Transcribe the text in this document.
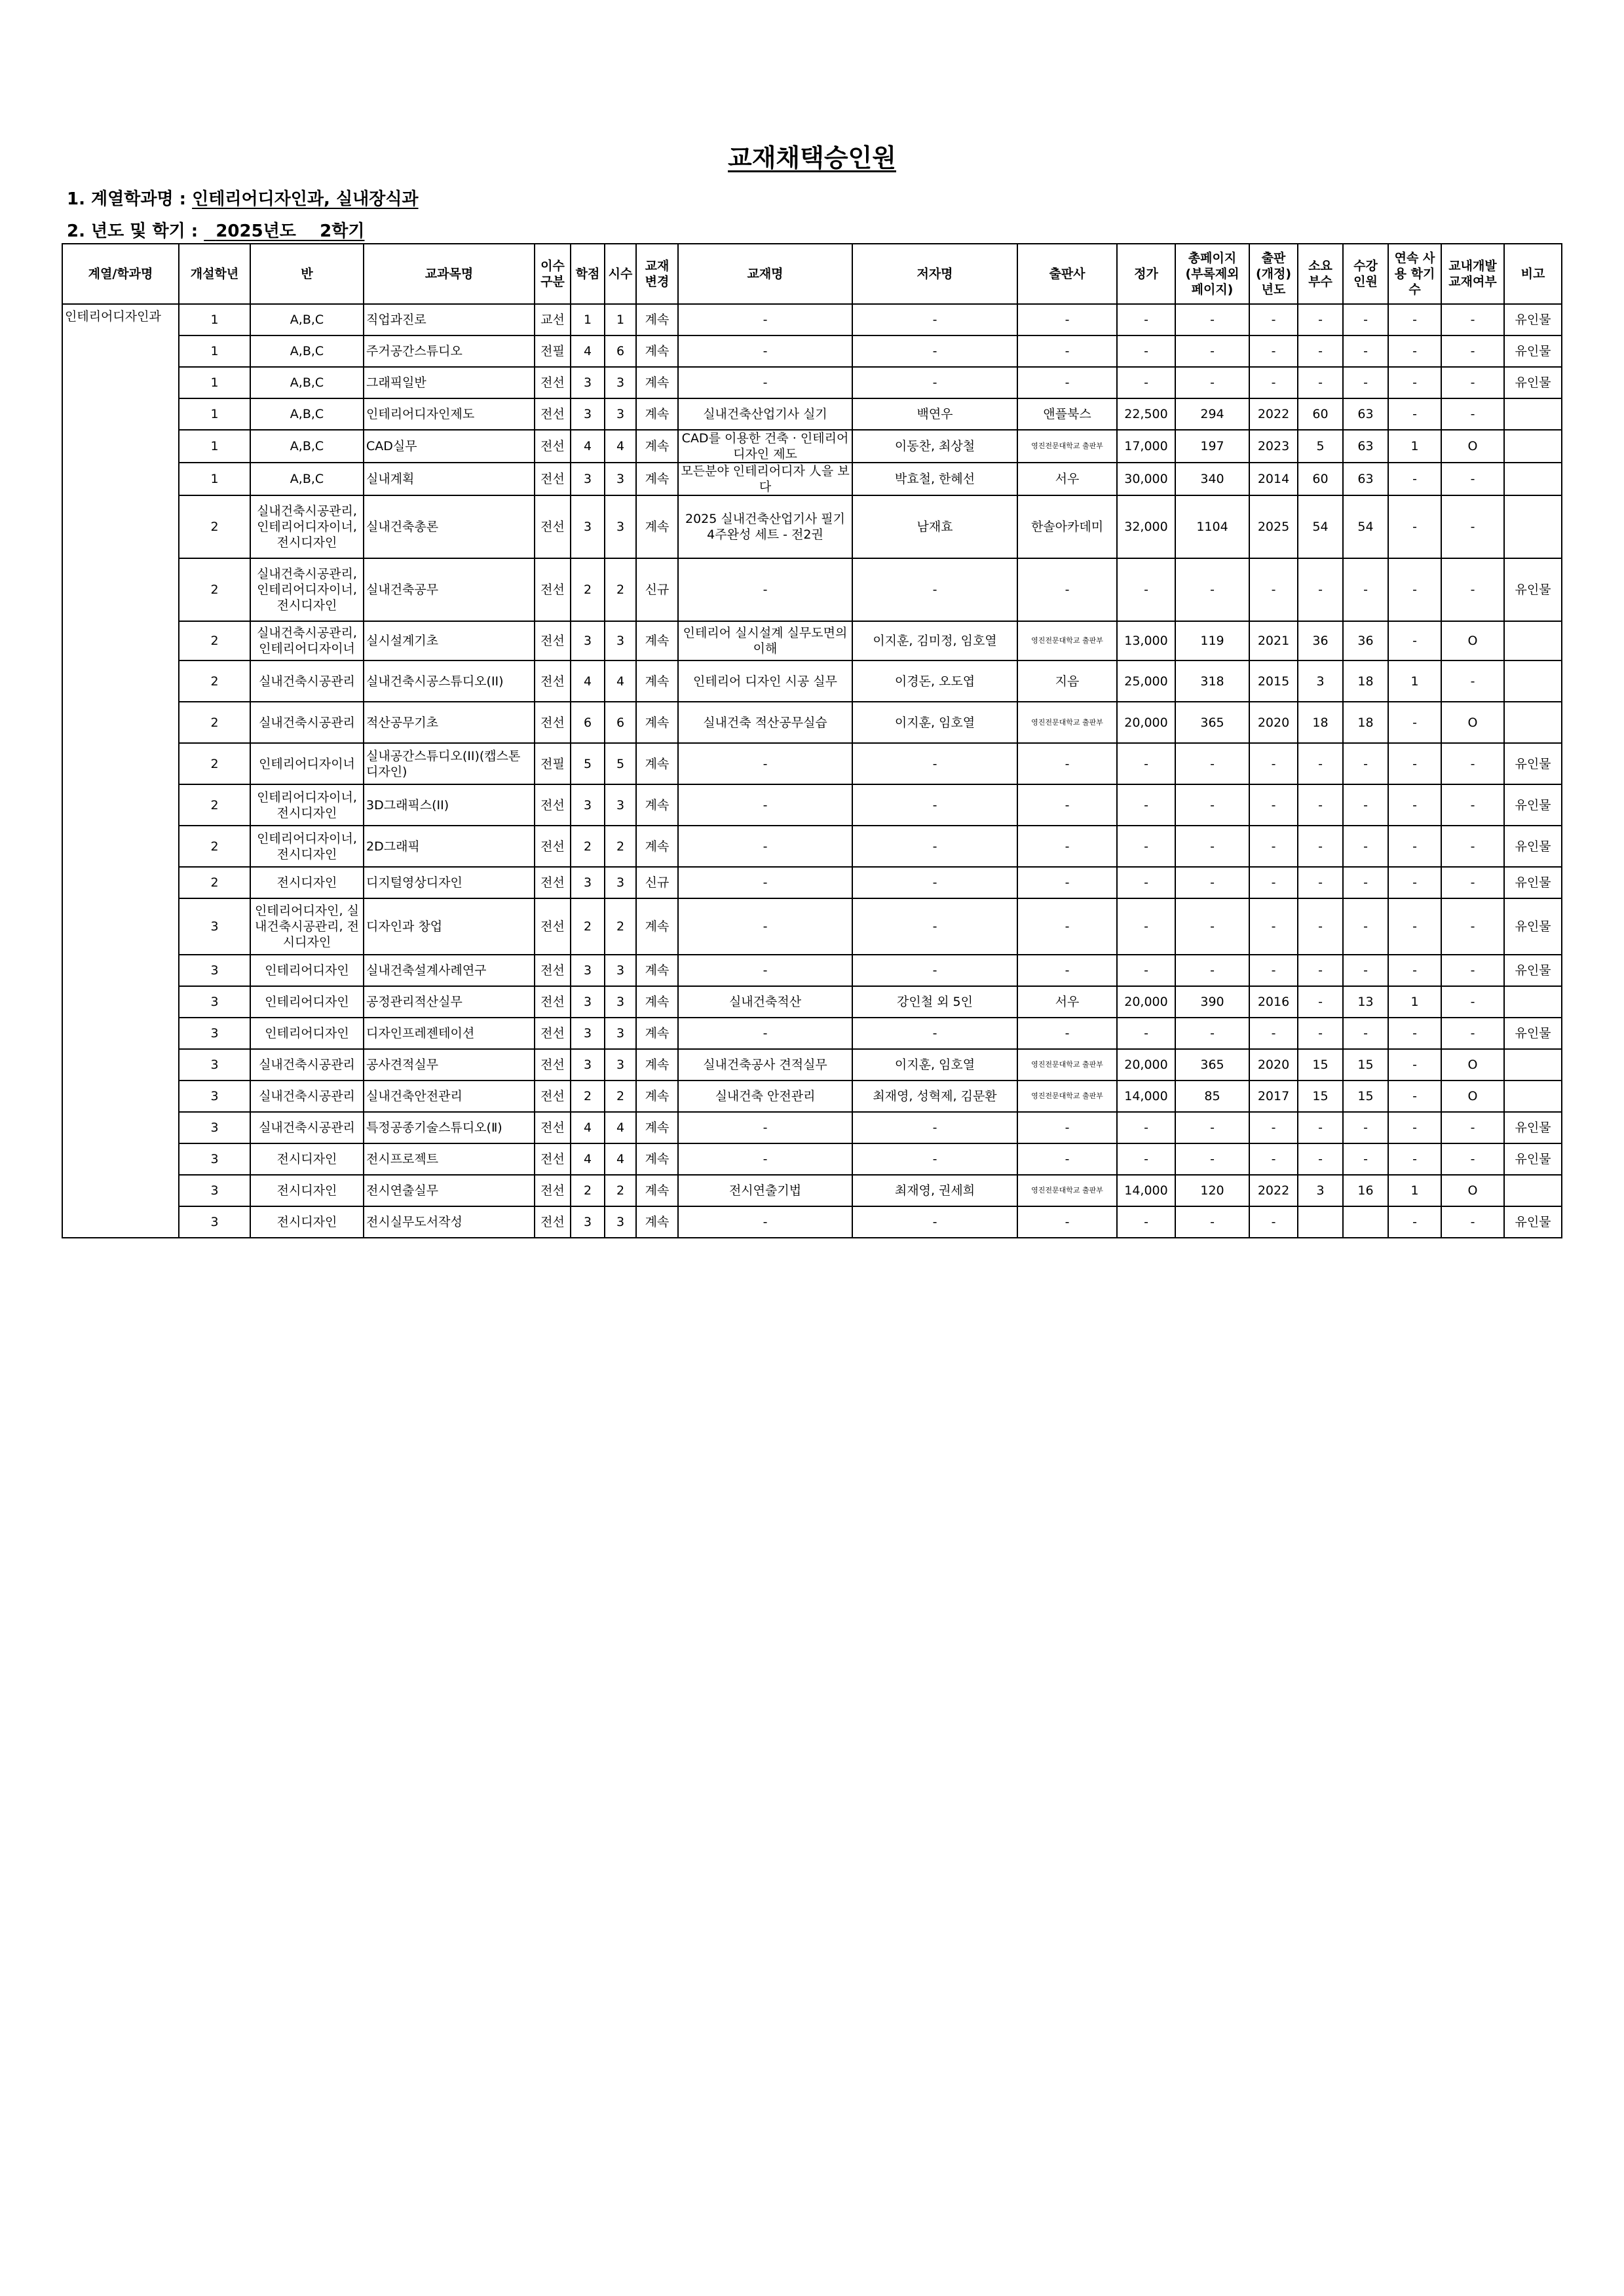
교재채택승인원
1. 계열학과명 : 인테리어디자인과, 실내장식과
2. 년도 및 학기 :   2025년도 2학기
계열/학과명	개설학년	반	교과목명	이수 구분	학점	시수	교재 변경	교재명	저자명	출판사	정가	총페이지 (부록제외 페이지)	출판 (개정) 년도	소요 부수	수강 인원	연속 사용 학기수	교내개발 교재여부	비고
인테리어디자인과	1	A,B,C	직업과진로	교선	1	1	계속	-	-	-	-	-	-	-	-	-	-	유인물
	1	A,B,C	주거공간스튜디오	전필	4	6	계속	-	-	-	-	-	-	-	-	-	-	유인물
	1	A,B,C	그래픽일반	전선	3	3	계속	-	-	-	-	-	-	-	-	-	-	유인물
	1	A,B,C	인테리어디자인제도	전선	3	3	계속	실내건축산업기사 실기	백연우	앤플북스	22,500	294	2022	60	63	-	-	
	1	A,B,C	CAD실무	전선	4	4	계속	CAD를 이용한 건축 · 인테리어디자인 제도	이동찬, 최상철	영진전문대학교 출판부	17,000	197	2023	5	63	1	O	
	1	A,B,C	실내계획	전선	3	3	계속	모든분야 인테리어디자 人을 보다	박효철, 한혜선	서우	30,000	340	2014	60	63	-	-	
	2	실내건축시공관리, 인테리어디자이너, 전시디자인	실내건축총론	전선	3	3	계속	2025 실내건축산업기사 필기 4주완성 세트 - 전2권	남재효	한솔아카데미	32,000	1104	2025	54	54	-	-	
	2	실내건축시공관리, 인테리어디자이너, 전시디자인	실내건축공무	전선	2	2	신규	-	-	-	-	-	-	-	-	-	-	유인물
	2	실내건축시공관리, 인테리어디자이너	실시설계기초	전선	3	3	계속	인테리어 실시설계 실무도면의 이해	이지훈, 김미정, 임호열	영진전문대학교 출판부	13,000	119	2021	36	36	-	O	
	2	실내건축시공관리	실내건축시공스튜디오(II)	전선	4	4	계속	인테리어 디자인 시공 실무	이경돈, 오도엽	지음	25,000	318	2015	3	18	1	-	
	2	실내건축시공관리	적산공무기초	전선	6	6	계속	실내건축 적산공무실습	이지훈, 임호열	영진전문대학교 출판부	20,000	365	2020	18	18	-	O	
	2	인테리어디자이너	실내공간스튜디오(II)(캡스톤디자인)	전필	5	5	계속	-	-	-	-	-	-	-	-	-	-	유인물
	2	인테리어디자이너,전시디자인	3D그래픽스(II)	전선	3	3	계속	-	-	-	-	-	-	-	-	-	-	유인물
	2	인테리어디자이너,전시디자인	2D그래픽	전선	2	2	계속	-	-	-	-	-	-	-	-	-	-	유인물
	2	전시디자인	디지털영상디자인	전선	3	3	신규	-	-	-	-	-	-	-	-	-	-	유인물
	3	인테리어디자인, 실내건축시공관리, 전시디자인	디자인과 창업	전선	2	2	계속	-	-	-	-	-	-	-	-	-	-	유인물
	3	인테리어디자인	실내건축설계사례연구	전선	3	3	계속	-	-	-	-	-	-	-	-	-	-	유인물
	3	인테리어디자인	공정관리적산실무	전선	3	3	계속	실내건축적산	강인철 외 5인	서우	20,000	390	2016	-	13	1	-	
	3	인테리어디자인	디자인프레젠테이션	전선	3	3	계속	-	-	-	-	-	-	-	-	-	-	유인물
	3	실내건축시공관리	공사견적실무	전선	3	3	계속	실내건축공사 견적실무	이지훈, 임호열	영진전문대학교 출판부	20,000	365	2020	15	15	-	O	
	3	실내건축시공관리	실내건축안전관리	전선	2	2	계속	실내건축 안전관리	최재영, 성혁제, 김문환	영진전문대학교 출판부	14,000	85	2017	15	15	-	O	
	3	실내건축시공관리	특정공종기술스튜디오(Ⅱ)	전선	4	4	계속	-	-	-	-	-	-	-	-	-	-	유인물
	3	전시디자인	전시프로젝트	전선	4	4	계속	-	-	-	-	-	-	-	-	-	-	유인물
	3	전시디자인	전시연출실무	전선	2	2	계속	전시연출기법	최재영, 권세희	영진전문대학교 출판부	14,000	120	2022	3	16	1	O	
	3	전시디자인	전시실무도서작성	전선	3	3	계속	-	-	-	-	-	-			-	-	유인물
